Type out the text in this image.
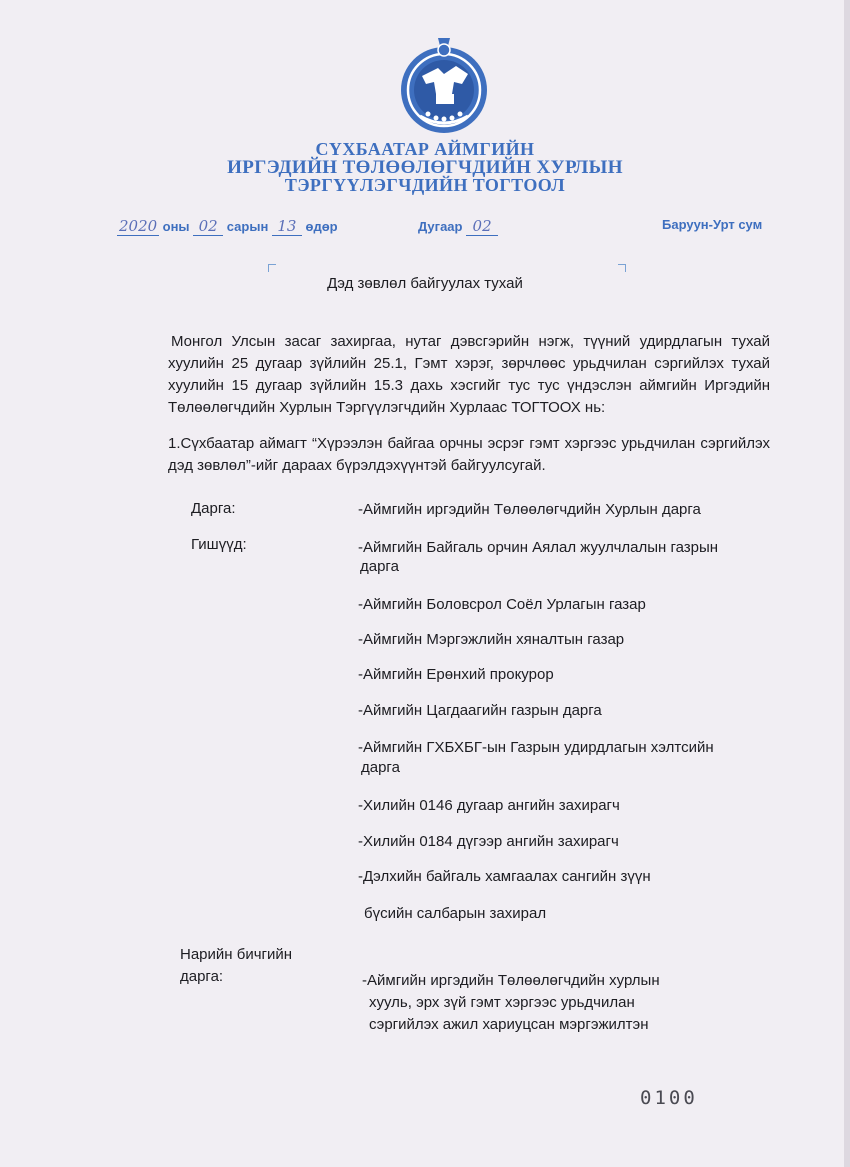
СҮХБААТАР АЙМГИЙН
ИРГЭДИЙН ТӨЛӨӨЛӨГЧДИЙН ХУРЛЫН
ТЭРГҮҮЛЭГЧДИЙН ТОГТООЛ
2020 оны 02 сарын 13 өдөр	Дугаар 02	Баруун-Урт сум
Дэд зөвлөл байгуулах тухай
Монгол Улсын засаг захиргаа, нутаг дэвсгэрийн нэгж, түүний удирдлагын тухай хуулийн 25 дугаар зүйлийн 25.1, Гэмт хэрэг, зөрчлөөс урьдчилан сэргийлэх тухай хуулийн 15 дугаар зүйлийн 15.3 дахь хэсгийг тус тус үндэслэн аймгийн Иргэдийн Төлөөлөгчдийн Хурлын Тэргүүлэгчдийн Хурлаас ТОГТООХ нь:
1.Сүхбаатар аймагт “Хүрээлэн байгаа орчны эсрэг гэмт хэргээс урьдчилан сэргийлэх дэд зөвлөл”-ийг дараах бүрэлдэхүүнтэй байгуулсугай.
Дарга:	-Аймгийн иргэдийн Төлөөлөгчдийн Хурлын дарга
Гишүүд:	-Аймгийн Байгаль орчин Аялал жуулчлалын газрын
дарга
-Аймгийн Боловсрол Соёл Урлагын газар
-Аймгийн Мэргэжлийн хяналтын газар
-Аймгийн Ерөнхий прокурор
-Аймгийн Цагдаагийн газрын дарга
-Аймгийн ГХБХБГ-ын Газрын удирдлагын хэлтсийн
дарга
-Хилийн 0146 дугаар ангийн захирагч
-Хилийн 0184 дүгээр ангийн захирагч
-Дэлхийн байгаль хамгаалах сангийн зүүн
бүсийн салбарын захирал
Нарийн бичгийн
дарга:	-Аймгийн иргэдийн Төлөөлөгчдийн хурлын
хууль, эрх зүй гэмт хэргээс урьдчилан
сэргийлэх ажил хариуцсан мэргэжилтэн
0100
